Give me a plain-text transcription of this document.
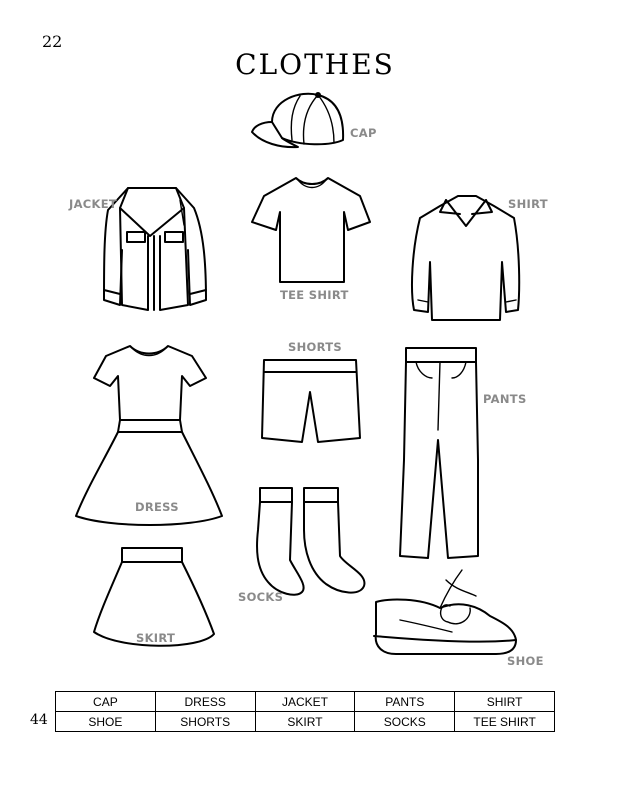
22
CLOTHES
CAP
JACKET
TEE SHIRT
SHIRT
SHORTS
PANTS
DRESS
SOCKS
SKIRT
SHOE
44
CAP	DRESS	JACKET	PANTS	SHIRT
SHOE	SHORTS	SKIRT	SOCKS	TEE SHIRT
